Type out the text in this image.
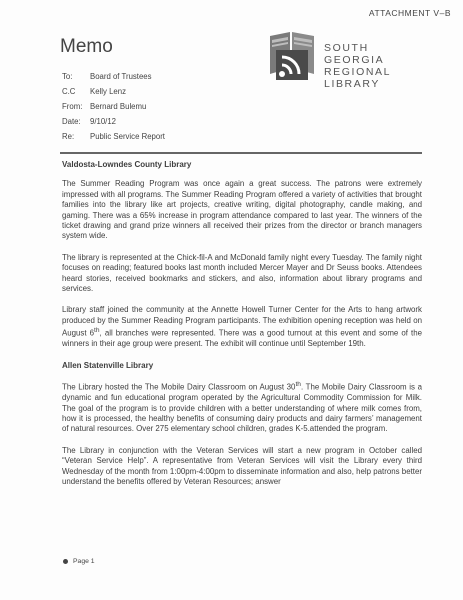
ATTACHMENT V–B
Memo	SOUTH
GEORGIA
REGIONAL
LIBRARY
To:	Board of Trustees
C.C	Kelly Lenz
From: Bernard Bulemu
Date:	9/10/12
Re:	Public Service Report

Valdosta-Lowndes County Library

The Summer Reading Program was once again a great success. The patrons were extremely impressed with all programs. The Summer Reading Program offered a variety of activities that brought families into the library like art projects, creative writing, digital photography, candle making, and gaming. There was a 65% increase in program attendance compared to last year. The winners of the ticket drawing and grand prize winners all received their prizes from the director or branch managers system wide.

The library is represented at the Chick-fil-A and McDonald family night every Tuesday. The family night focuses on reading; featured books last month included Mercer Mayer and Dr Seuss books. Attendees heard stories, received bookmarks and stickers, and also, information about library programs and services.

Library staff joined the community at the Annette Howell Turner Center for the Arts to hang artwork produced by the Summer Reading Program participants. The exhibition opening reception was held on August 6th, all branches were represented. There was a good turnout at this event and some of the winners in their age group were present. The exhibit will continue until September 19th.

Allen Statenville Library

The Library hosted the The Mobile Dairy Classroom on August 30th. The Mobile Dairy Classroom is a dynamic and fun educational program operated by the Agricultural Commodity Commission for Milk. The goal of the program is to provide children with a better understanding of where milk comes from, how it is processed, the healthy benefits of consuming dairy products and dairy farmers’ management of natural resources. Over 275 elementary school children, grades K-5.attended the program.

The Library in conjunction with the Veteran Services will start a new program in October called “Veteran Service Help”. A representative from Veteran Services will visit the Library every third Wednesday of the month from 1:00pm-4:00pm to disseminate information and also, help patrons better understand the benefits offered by Veteran Resources; answer

Page 1
